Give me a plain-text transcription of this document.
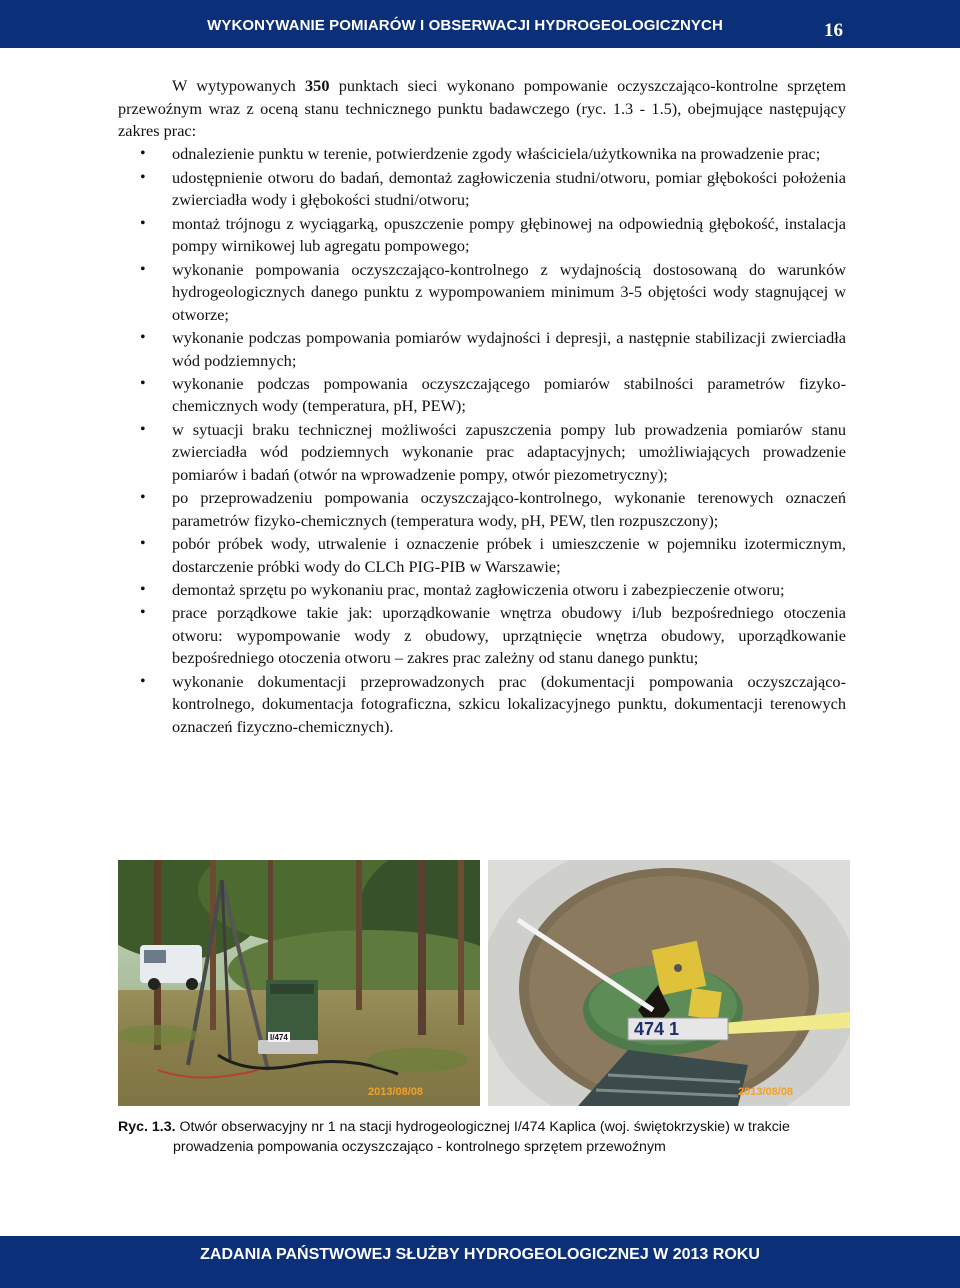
WYKONYWANIE POMIARÓW I OBSERWACJI HYDROGEOLOGICZNYCH	16

W wytypowanych 350 punktach sieci wykonano pompowanie oczyszczająco-kontrolne sprzętem przewoźnym wraz z oceną stanu technicznego punktu badawczego (ryc. 1.3 - 1.5), obejmujące następujący zakres prac:

• odnalezienie punktu w terenie, potwierdzenie zgody właściciela/użytkownika na prowadzenie prac;
• udostępnienie otworu do badań, demontaż zagłowiczenia studni/otworu, pomiar głębokości położenia zwierciadła wody i głębokości studni/otworu;
• montaż trójnogu z wyciągarką, opuszczenie pompy głębinowej na odpowiednią głębokość, instalacja pompy wirnikowej lub agregatu pompowego;
• wykonanie pompowania oczyszczająco-kontrolnego z wydajnością dostosowaną do warunków hydrogeologicznych danego punktu z wypompowaniem minimum 3-5 objętości wody stagnującej w otworze;
• wykonanie podczas pompowania pomiarów wydajności i depresji, a następnie stabilizacji zwierciadła wód podziemnych;
• wykonanie podczas pompowania oczyszczającego pomiarów stabilności parametrów fizyko-chemicznych wody (temperatura, pH, PEW);
• w sytuacji braku technicznej możliwości zapuszczenia pompy lub prowadzenia pomiarów stanu zwierciadła wód podziemnych wykonanie prac adaptacyjnych; umożliwiających prowadzenie pomiarów i badań (otwór na wprowadzenie pompy, otwór piezometryczny);
• po przeprowadzeniu pompowania oczyszczająco-kontrolnego, wykonanie terenowych oznaczeń parametrów fizyko-chemicznych (temperatura wody, pH, PEW, tlen rozpuszczony);
• pobór próbek wody, utrwalenie i oznaczenie próbek i umieszczenie w pojemniku izotermicznym, dostarczenie próbki wody do CLCh PIG-PIB w Warszawie;
• demontaż sprzętu po wykonaniu prac, montaż zagłowiczenia otworu i zabezpieczenie otworu;
• prace porządkowe takie jak: uporządkowanie wnętrza obudowy i/lub bezpośredniego otoczenia otworu: wypompowanie wody z obudowy, uprzątnięcie wnętrza obudowy, uporządkowanie bezpośredniego otoczenia otworu – zakres prac zależny od stanu danego punktu;
• wykonanie dokumentacji przeprowadzonych prac (dokumentacji pompowania oczyszczająco-kontrolnego, dokumentacja fotograficzna, szkicu lokalizacyjnego punktu, dokumentacji terenowych oznaczeń fizyczno-chemicznych).
I/474
2013/08/08
474 1
2013/08/08
Ryc. 1.3. Otwór obserwacyjny nr 1 na stacji hydrogeologicznej I/474 Kaplica (woj. świętokrzyskie) w trakcie
prowadzenia pompowania oczyszczająco - kontrolnego sprzętem przewoźnym
ZADANIA PAŃSTWOWEJ SŁUŻBY HYDROGEOLOGICZNEJ W 2013 ROKU
